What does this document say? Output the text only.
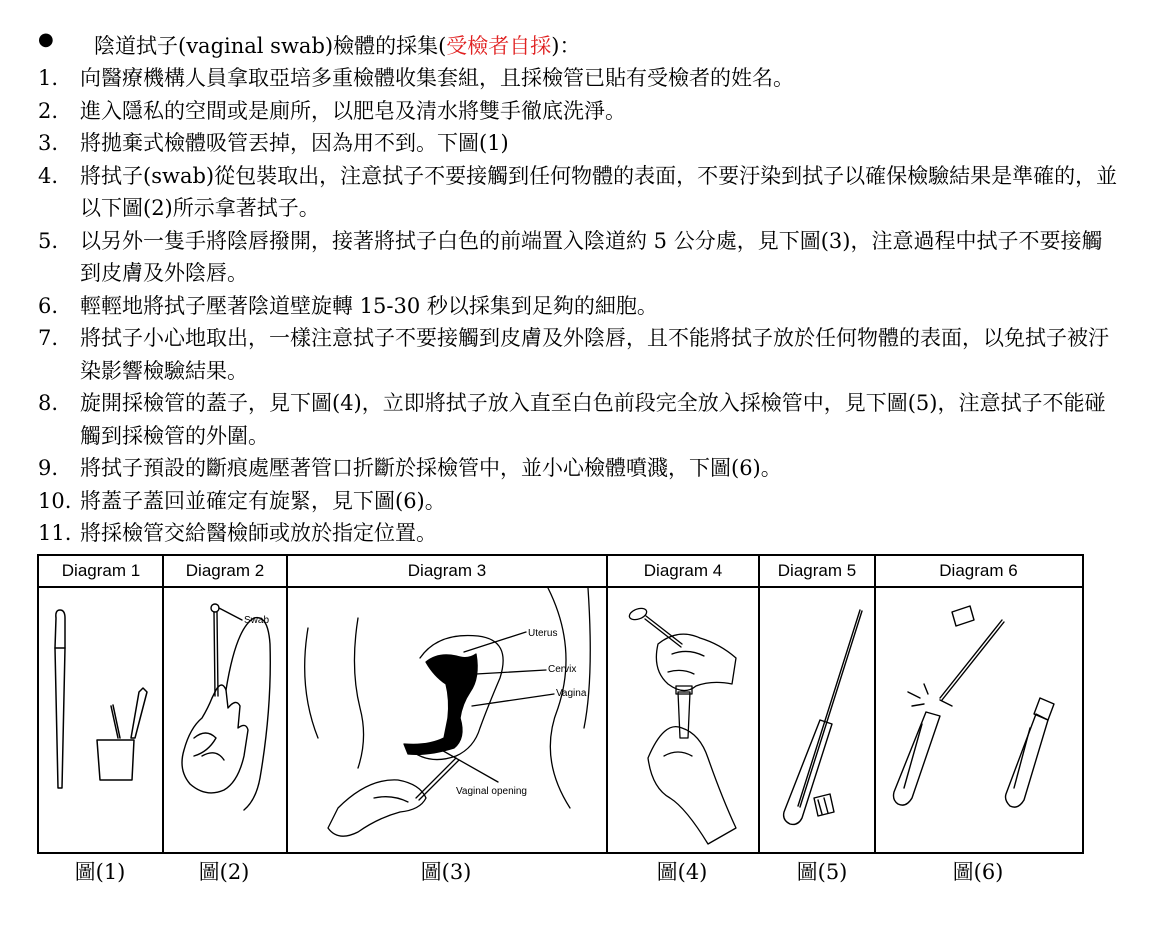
● 陰道拭子(vaginal swab)檢體的採集(受檢者自採)：
1. 向醫療機構人員拿取亞培多重檢體收集套組，且採檢管已貼有受檢者的姓名。
2. 進入隱私的空間或是廁所，以肥皂及清水將雙手徹底洗淨。
3. 將拋棄式檢體吸管丟掉，因為用不到。下圖(1)
4. 將拭子(swab)從包裝取出，注意拭子不要接觸到任何物體的表面，不要汙染到拭子以確保檢驗結果是準確的，並以下圖(2)所示拿著拭子。
5. 以另外一隻手將陰唇撥開，接著將拭子白色的前端置入陰道約 5 公分處，見下圖(3)，注意過程中拭子不要接觸到皮膚及外陰唇。
6. 輕輕地將拭子壓著陰道壁旋轉 15-30 秒以採集到足夠的細胞。
7. 將拭子小心地取出，一樣注意拭子不要接觸到皮膚及外陰唇，且不能將拭子放於任何物體的表面，以免拭子被汙染影響檢驗結果。
8. 旋開採檢管的蓋子，見下圖(4)，立即將拭子放入直至白色前段完全放入採檢管中，見下圖(5)，注意拭子不能碰觸到採檢管的外圍。
9. 將拭子預設的斷痕處壓著管口折斷於採檢管中，並小心檢體噴濺，下圖(6)。
10. 將蓋子蓋回並確定有旋緊，見下圖(6)。
11. 將採檢管交給醫檢師或放於指定位置。
Diagram 1	Diagram 2	Diagram 3	Diagram 4	Diagram 5	Diagram 6
Swab
Uterus
Cervix
Vagina
Vaginal opening
圖(1)	圖(2)	圖(3)	圖(4)	圖(5)	圖(6)
